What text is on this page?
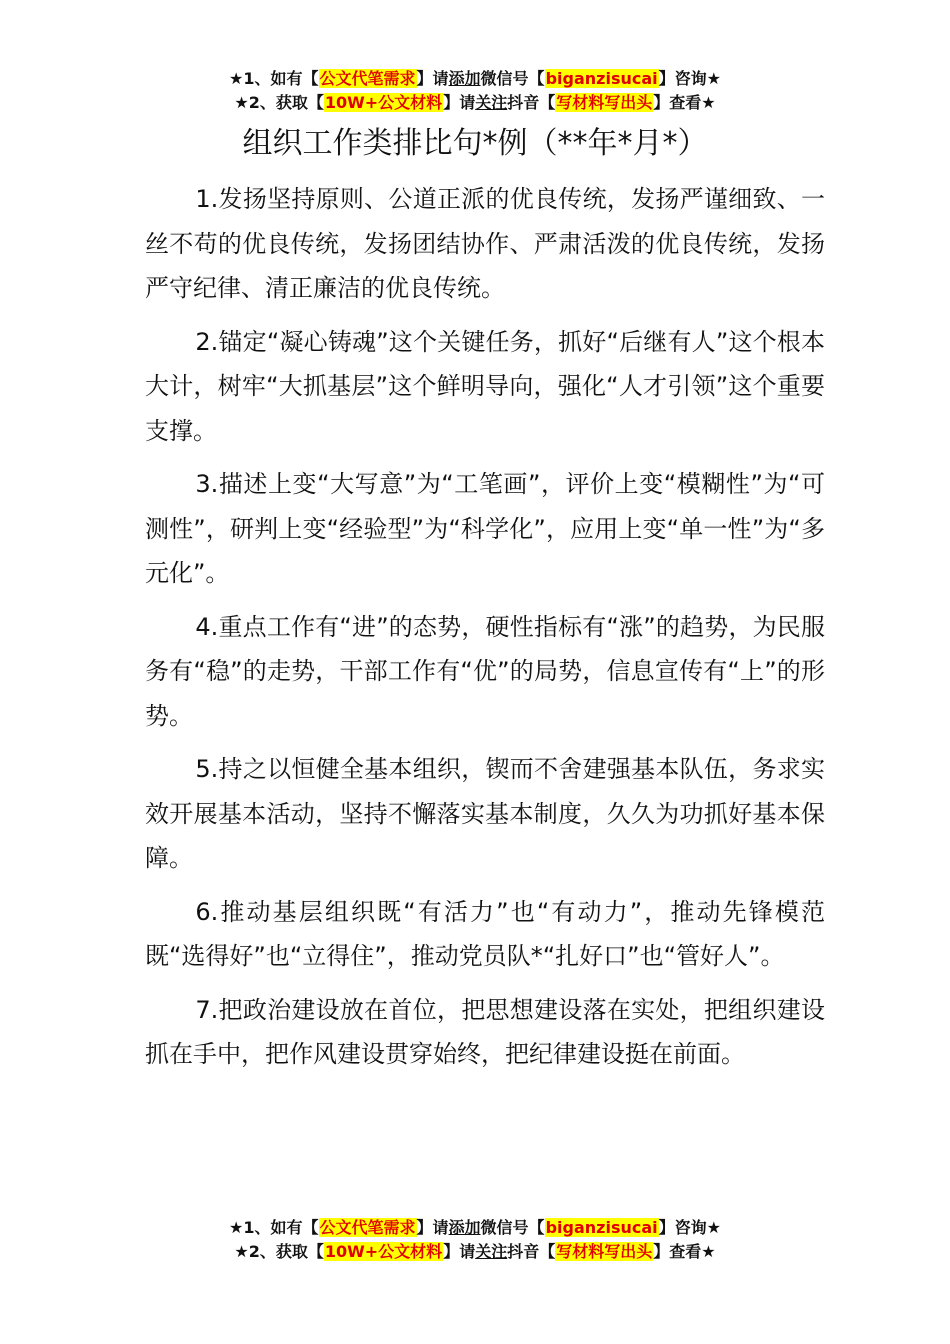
★1、如有【公文代笔需求】请添加微信号【biganzisucai】咨询★
★2、获取【10W+公文材料】请关注抖音【写材料写出头】查看★
组织工作类排比句*例（**年*月*）

1.发扬坚持原则、公道正派的优良传统，发扬严谨细致、一丝不苟的优良传统，发扬团结协作、严肃活泼的优良传统，发扬严守纪律、清正廉洁的优良传统。

2.锚定“凝心铸魂”这个关键任务，抓好“后继有人”这个根本大计，树牢“大抓基层”这个鲜明导向，强化“人才引领”这个重要支撑。

3.描述上变“大写意”为“工笔画”，评价上变“模糊性”为“可测性”，研判上变“经验型”为“科学化”，应用上变“单一性”为“多元化”。

4.重点工作有“进”的态势，硬性指标有“涨”的趋势，为民服务有“稳”的走势，干部工作有“优”的局势，信息宣传有“上”的形势。

5.持之以恒健全基本组织，锲而不舍建强基本队伍，务求实效开展基本活动，坚持不懈落实基本制度，久久为功抓好基本保障。

6.推动基层组织既“有活力”也“有动力”，推动先锋模范既“选得好”也“立得住”，推动党员队*“扎好口”也“管好人”。

7.把政治建设放在首位，把思想建设落在实处，把组织建设抓在手中，把作风建设贯穿始终，把纪律建设挺在前面。

★1、如有【公文代笔需求】请添加微信号【biganzisucai】咨询★
★2、获取【10W+公文材料】请关注抖音【写材料写出头】查看★
